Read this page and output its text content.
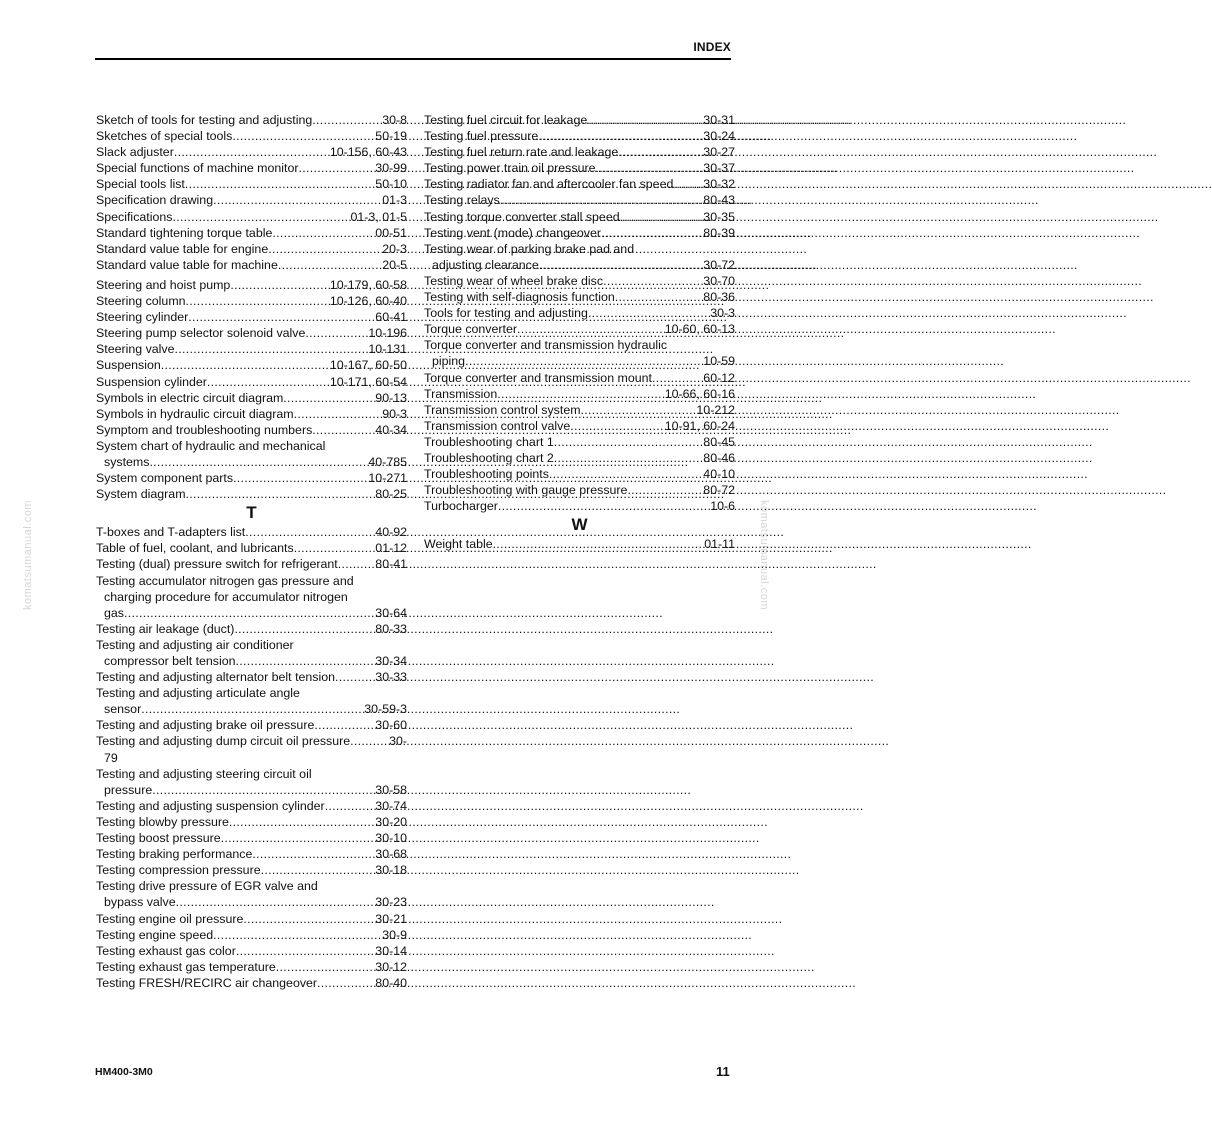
INDEX
Sketch of tools for testing and adjusting .....	30-8
Sketches of special tools .....	50-19
Slack adjuster .....	10-156, 60-43
Special functions of machine monitor .....	30-99
Special tools list .....	50-10
Specification drawing .....	01-3
Specifications .....	01-3, 01-5
Standard tightening torque table .....	00-51
Standard value table for engine .....	20-3
Standard value table for machine .....	20-5
Steering and hoist pump .....	10-179, 60-58
Steering column .....	10-126, 60-40
Steering cylinder .....	60-41
Steering pump selector solenoid valve .....	10-196
Steering valve .....	10-131
Suspension .....	10-167, 60-50
Suspension cylinder .....	10-171, 60-54
Symbols in electric circuit diagram .....	90-13
Symbols in hydraulic circuit diagram .....	90-3
Symptom and troubleshooting numbers .....	40-34
System chart of hydraulic and mechanical
systems .....	40-785
System component parts .....	10-271
System diagram .....	80-25
T
T-boxes and T-adapters list .....	40-92
Table of fuel, coolant, and lubricants .....	01-12
Testing (dual) pressure switch for refrigerant .....	80-41
Testing accumulator nitrogen gas pressure and
charging procedure for accumulator nitrogen
gas .....	30-64
Testing air leakage (duct) .....	80-33
Testing and adjusting air conditioner
compressor belt tension .....	30-34
Testing and adjusting alternator belt tension .....	30-33
Testing and adjusting articulate angle
sensor .....	30-59-3
Testing and adjusting brake oil pressure .....	30-60
Testing and adjusting dump circuit oil pressure .....	30-
79
Testing and adjusting steering circuit oil
pressure .....	30-58
Testing and adjusting suspension cylinder .....	30-74
Testing blowby pressure .....	30-20
Testing boost pressure .....	30-10
Testing braking performance .....	30-68
Testing compression pressure .....	30-18
Testing drive pressure of EGR valve and
bypass valve .....	30-23
Testing engine oil pressure .....	30-21
Testing engine speed .....	30-9
Testing exhaust gas color .....	30-14
Testing exhaust gas temperature .....	30-12
Testing FRESH/RECIRC air changeover .....	80-40
Testing fuel circuit for leakage .....	30-31
Testing fuel pressure .....	30-24
Testing fuel return rate and leakage .....	30-27
Testing power train oil pressure .....	30-37
Testing radiator fan and aftercooler fan speed ..... 30-32
Testing relays .....	80-43
Testing torque converter stall speed .....	30-35
Testing vent (mode) changeover .....	80-39
Testing wear of parking brake pad and
adjusting clearance .....	30-72
Testing wear of wheel brake disc .....	30-70
Testing with self-diagnosis function .....	80-36
Tools for testing and adjusting .....	30-3
Torque converter .....	10-60, 60-13
Torque converter and transmission hydraulic
piping .....	10-59
Torque converter and transmission mount .....	60-12
Transmission .....	10-66, 60-16
Transmission control system .....	10-212
Transmission control valve .....	10-91, 60-24
Troubleshooting chart 1 .....	80-45
Troubleshooting chart 2 .....	80-46
Troubleshooting points .....	40-10
Troubleshooting with gauge pressure .....	80-72
Turbocharger .....	10-6
W
Weight table .....	01-11
komatsumanual.com	komatsumanual.com
HM400-3M0	11
